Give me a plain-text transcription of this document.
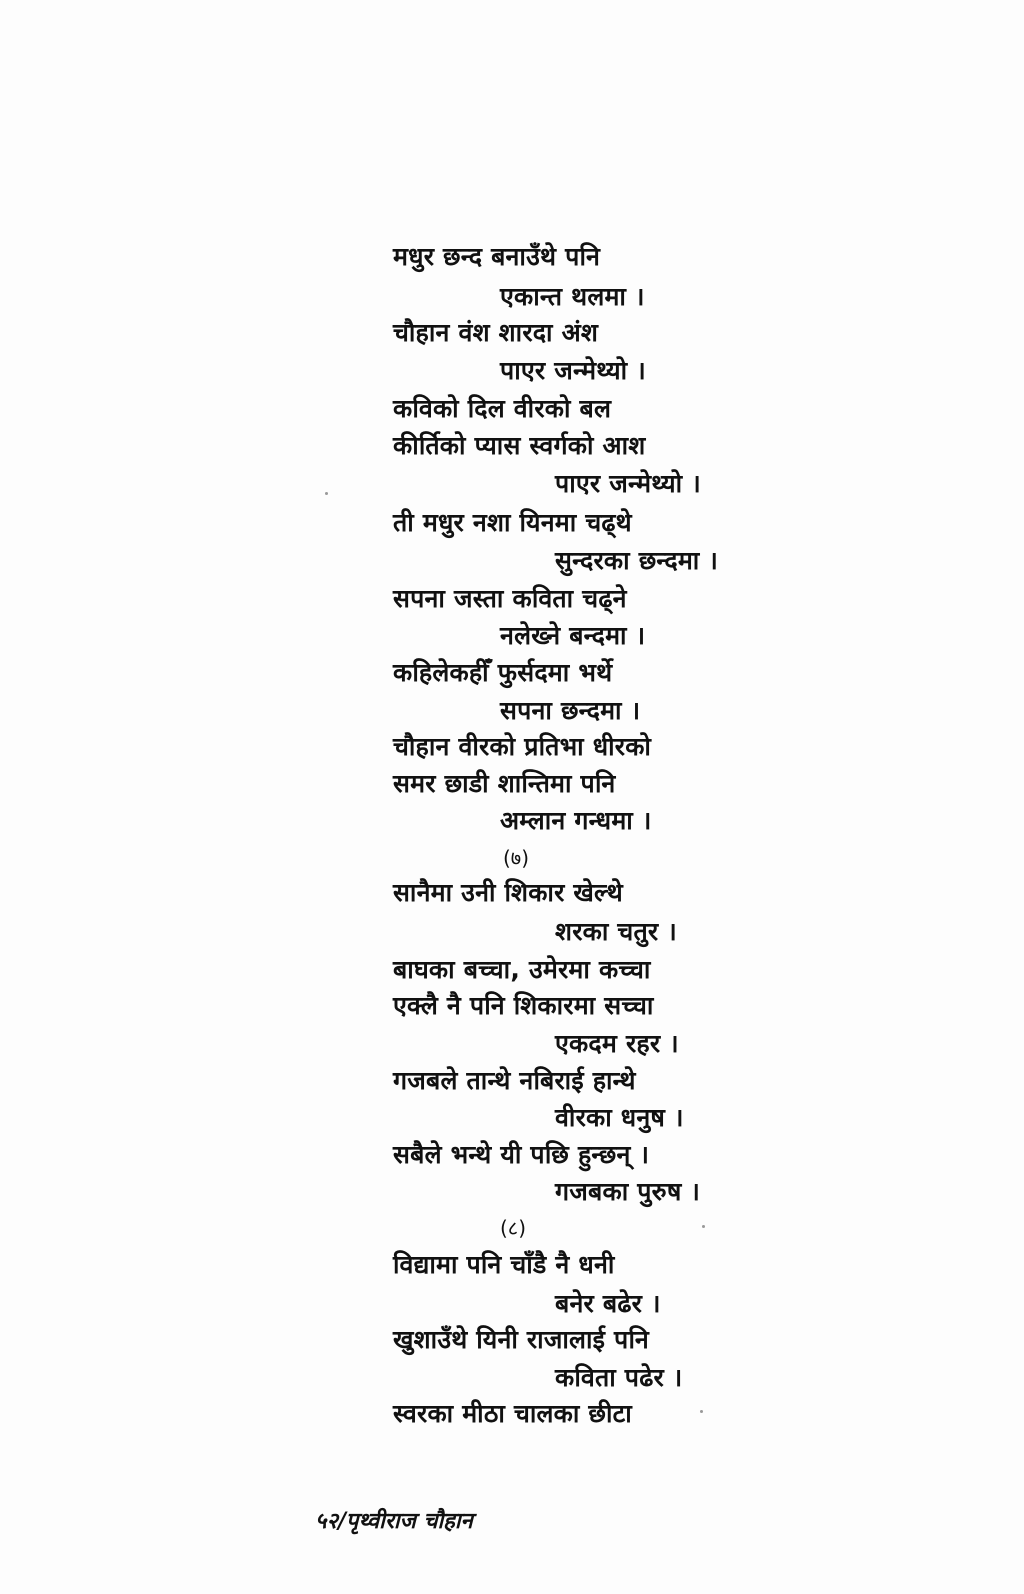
मधुर छन्द बनाउँथे पनि
एकान्त थलमा ।
चौहान वंश शारदा अंश
पाएर जन्मेथ्यो ।
कविको दिल वीरको बल
कीर्तिको प्यास स्वर्गको आश
पाएर जन्मेथ्यो ।
ती मधुर नशा यिनमा चढ्थे
सुन्दरका छन्दमा ।
सपना जस्ता कविता चढ्ने
नलेख्ने बन्दमा ।
कहिलेकहीँ फुर्सदमा भर्थे
सपना छन्दमा ।
चौहान वीरको प्रतिभा धीरको
समर छाडी शान्तिमा पनि
अम्लान गन्धमा ।
(७)
सानैमा उनी शिकार खेल्थे
शरका चतुर ।
बाघका बच्चा, उमेरमा कच्चा
एक्लै नै पनि शिकारमा सच्चा
एकदम रहर ।
गजबले तान्थे नबिराई हान्थे
वीरका धनुष ।
सबैले भन्थे यी पछि हुन्छन् ।
गजबका पुरुष ।
(८)
विद्यामा पनि चाँडै नै धनी
बनेर बढेर ।
खुशाउँथे यिनी राजालाई पनि
कविता पढेर ।
स्वरका मीठा चालका छीटा
५२/पृथ्वीराज चौहान
